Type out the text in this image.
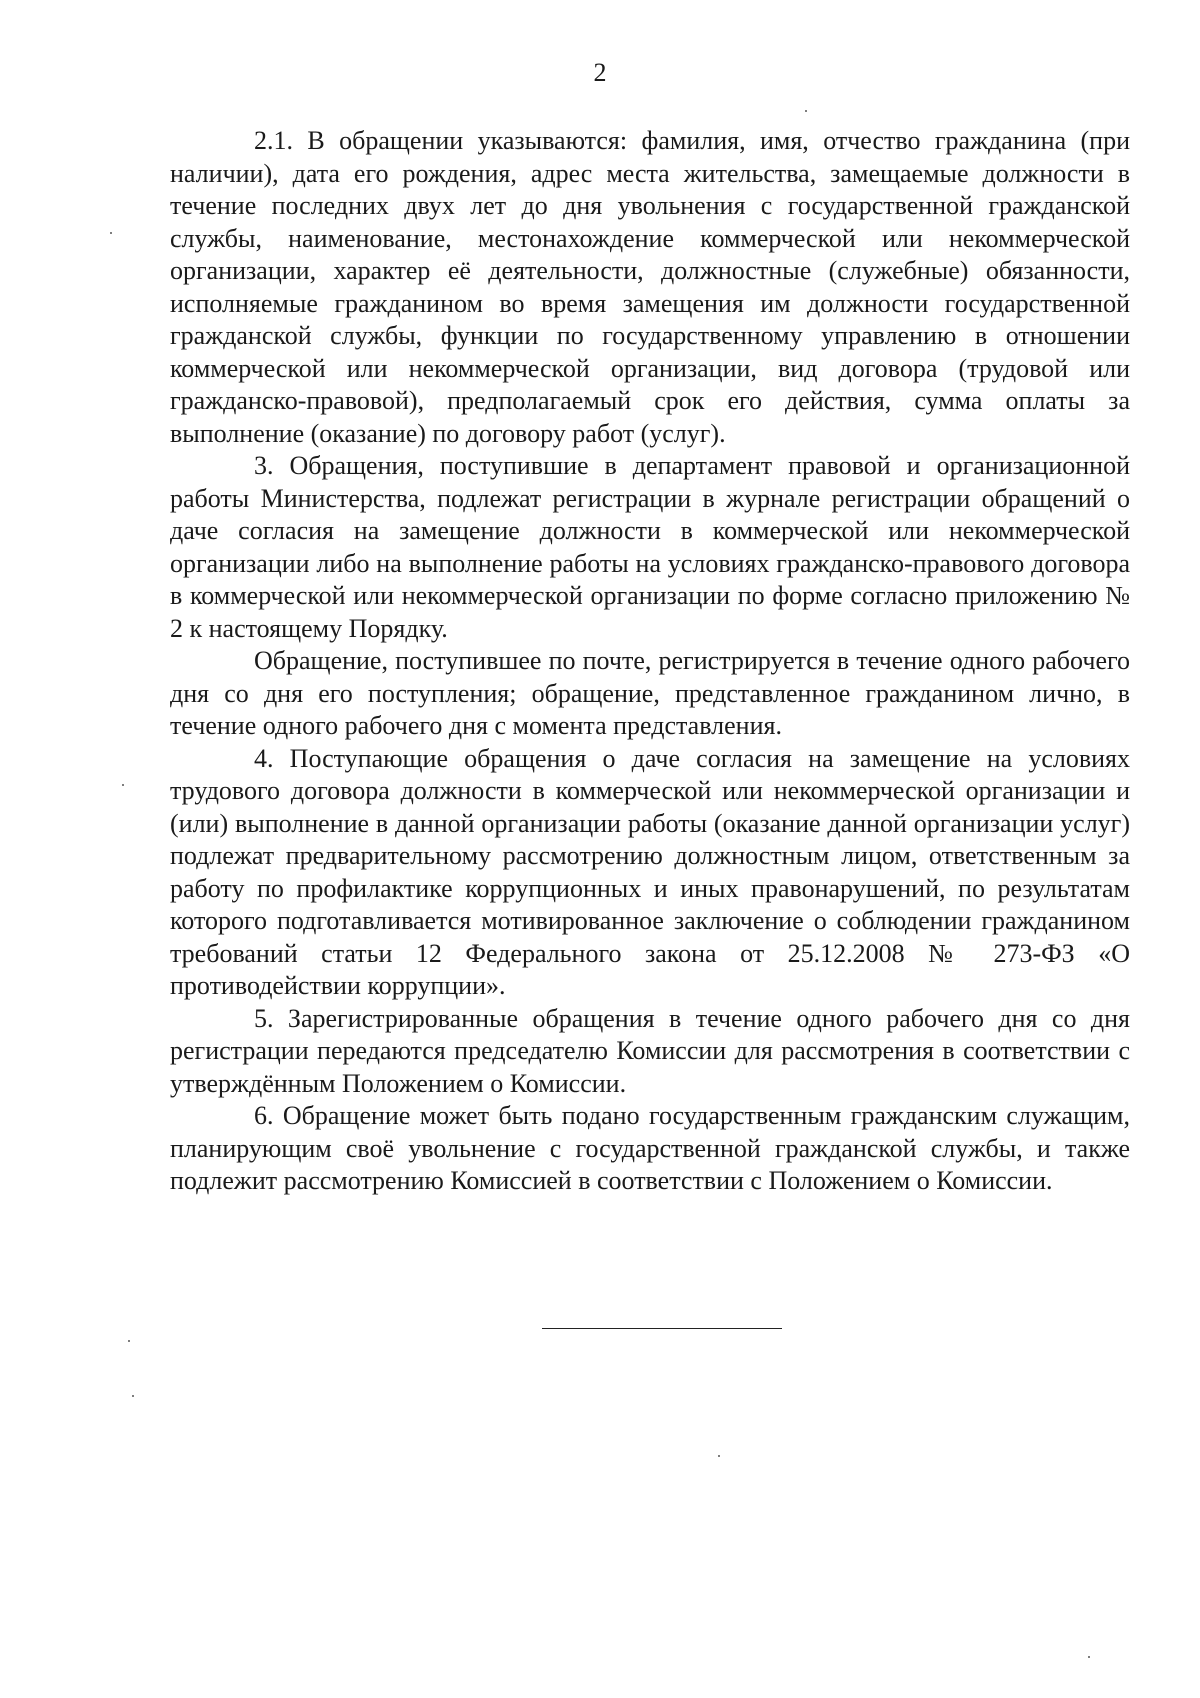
2

2.1. В обращении указываются: фамилия, имя, отчество гражданина (при наличии), дата его рождения, адрес места жительства, замещаемые должности в течение последних двух лет до дня увольнения с государственной гражданской службы, наименование, местонахождение коммерческой или некоммерческой организации, характер её деятельности, должностные (служебные) обязанности, исполняемые гражданином во время замещения им должности государственной гражданской службы, функции по государственному управлению в отношении коммерческой или некоммерческой организации, вид договора (трудовой или гражданско-правовой), предполагаемый срок его действия, сумма оплаты за выполнение (оказание) по договору работ (услуг).

3. Обращения, поступившие в департамент правовой и организационной работы Министерства, подлежат регистрации в журнале регистрации обращений о даче согласия на замещение должности в коммерческой или некоммерческой организации либо на выполнение работы на условиях гражданско-правового договора в коммерческой или некоммерческой организации по форме согласно приложению № 2 к настоящему Порядку.

Обращение, поступившее по почте, регистрируется в течение одного рабочего дня со дня его поступления; обращение, представленное гражданином лично, в течение одного рабочего дня с момента представления.

4. Поступающие обращения о даче согласия на замещение на условиях трудового договора должности в коммерческой или некоммерческой организации и (или) выполнение в данной организации работы (оказание данной организации услуг) подлежат предварительному рассмотрению должностным лицом, ответственным за работу по профилактике коррупционных и иных правонарушений, по результатам которого подготавливается мотивированное заключение о соблюдении гражданином требований статьи 12 Федерального закона от 25.12.2008 № 273-ФЗ «О противодействии коррупции».

5. Зарегистрированные обращения в течение одного рабочего дня со дня регистрации передаются председателю Комиссии для рассмотрения в соответствии с утверждённым Положением о Комиссии.

6. Обращение может быть подано государственным гражданским служащим, планирующим своё увольнение с государственной гражданской службы, и также подлежит рассмотрению Комиссией в соответствии с Положением о Комиссии.
